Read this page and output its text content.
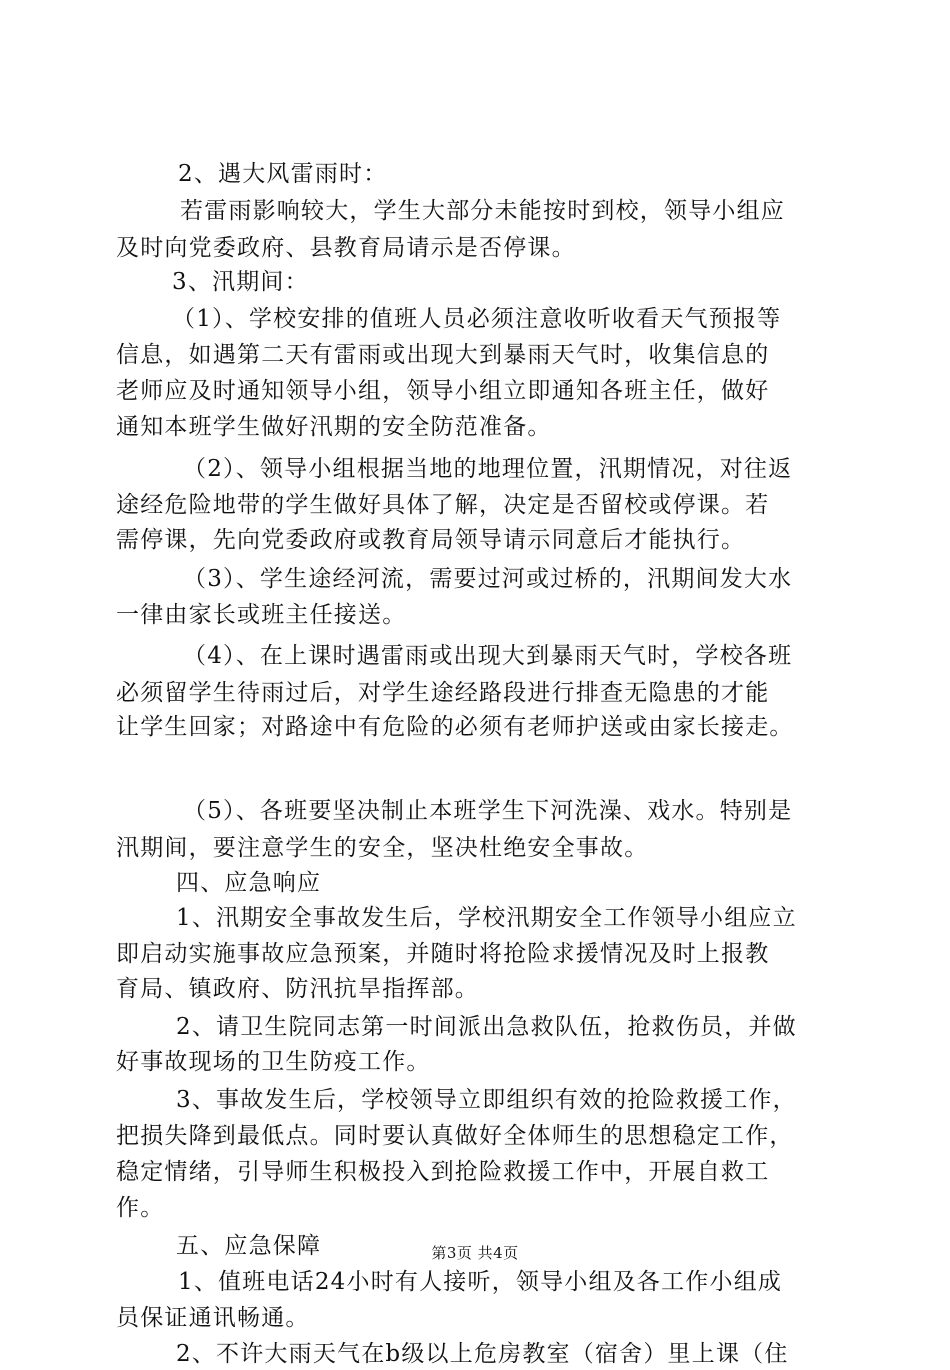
2、遇大风雷雨时：
若雷雨影响较大，学生大部分未能按时到校，领导小组应
及时向党委政府、县教育局请示是否停课。
3、汛期间：
（1）、学校安排的值班人员必须注意收听收看天气预报等
信息，如遇第二天有雷雨或出现大到暴雨天气时，收集信息的
老师应及时通知领导小组，领导小组立即通知各班主任，做好
通知本班学生做好汛期的安全防范准备。
（2）、领导小组根据当地的地理位置，汛期情况，对往返
途经危险地带的学生做好具体了解，决定是否留校或停课。若
需停课，先向党委政府或教育局领导请示同意后才能执行。
（3）、学生途经河流，需要过河或过桥的，汛期间发大水
一律由家长或班主任接送。
（4）、在上课时遇雷雨或出现大到暴雨天气时，学校各班
必须留学生待雨过后，对学生途经路段进行排查无隐患的才能
让学生回家；对路途中有危险的必须有老师护送或由家长接走。
（5）、各班要坚决制止本班学生下河洗澡、戏水。特别是
汛期间，要注意学生的安全，坚决杜绝安全事故。
四、应急响应
1、汛期安全事故发生后，学校汛期安全工作领导小组应立
即启动实施事故应急预案，并随时将抢险求援情况及时上报教
育局、镇政府、防汛抗旱指挥部。
2、请卫生院同志第一时间派出急救队伍，抢救伤员，并做
好事故现场的卫生防疫工作。
3、事故发生后，学校领导立即组织有效的抢险救援工作，
把损失降到最低点。同时要认真做好全体师生的思想稳定工作，
稳定情绪，引导师生积极投入到抢险救援工作中，开展自救工
作。
五、应急保障
1、值班电话24小时有人接听，领导小组及各工作小组成
员保证通讯畅通。
2、不许大雨天气在b级以上危房教室（宿舍）里上课（住
第3页 共4页
